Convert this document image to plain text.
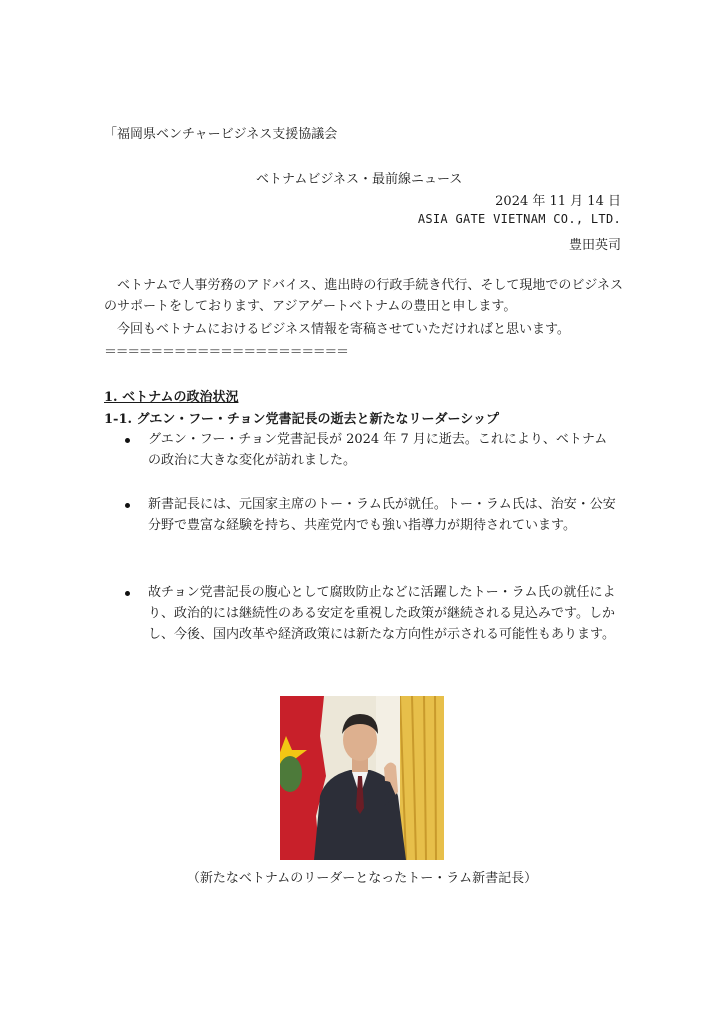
「福岡県ベンチャービジネス支援協議会
ベトナムビジネス・最前線ニュース
2024 年 11 月 14 日
ASIA GATE VIETNAM CO., LTD.
豊田英司
ベトナムで人事労務のアドバイス、進出時の行政手続き代行、そして現地でのビジネスのサポートをしております、アジアゲートベトナムの豊田と申します。
今回もベトナムにおけるビジネス情報を寄稿させていただければと思います。
＝＝＝＝＝＝＝＝＝＝＝＝＝＝＝＝＝＝＝＝＝
1. ベトナムの政治状況
1-1. グエン・フー・チョン党書記長の逝去と新たなリーダーシップ
グエン・フー・チョン党書記長が 2024 年 7 月に逝去。これにより、ベトナムの政治に大きな変化が訪れました。
新書記長には、元国家主席のトー・ラム氏が就任。トー・ラム氏は、治安・公安分野で豊富な経験を持ち、共産党内でも強い指導力が期待されています。
故チョン党書記長の腹心として腐敗防止などに活躍したトー・ラム氏の就任により、政治的には継続性のある安定を重視した政策が継続される見込みです。しかし、今後、国内改革や経済政策には新たな方向性が示される可能性もあります。
（新たなベトナムのリーダーとなったトー・ラム新書記長）
